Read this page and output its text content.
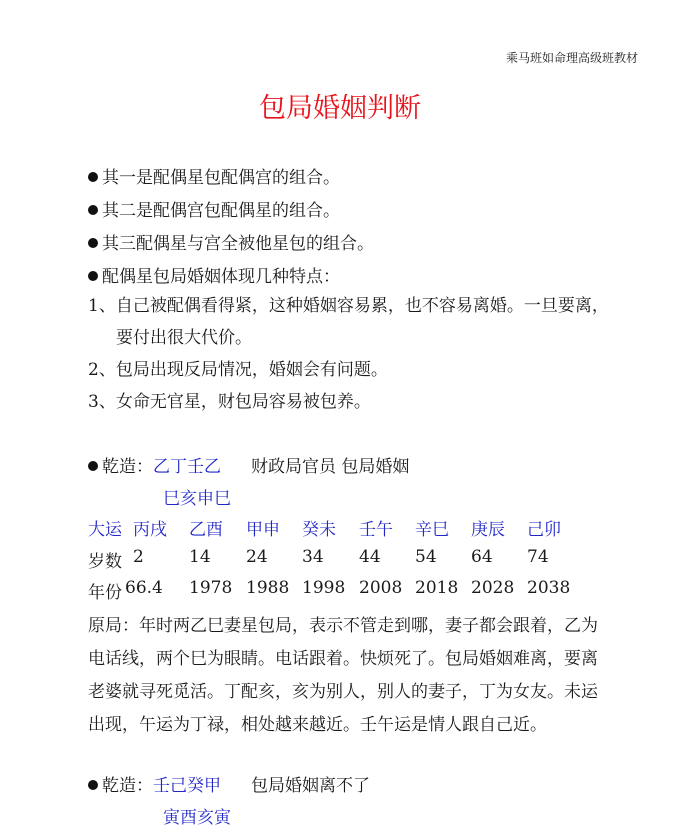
乘马班如命理高级班教材
包局婚姻判断
其一是配偶星包配偶宫的组合。
其二是配偶宫包配偶星的组合。
其三配偶星与宫全被他星包的组合。
配偶星包局婚姻体现几种特点：
1、自己被配偶看得紧，这种婚姻容易累，也不容易离婚。一旦要离，
要付出很大代价。
2、包局出现反局情况，婚姻会有问题。
3、女命无官星，财包局容易被包养。
乾造：乙丁壬乙 财政局官员 包局婚姻
巳亥申巳
大运 丙戌 乙酉 甲申 癸未 壬午 辛巳 庚辰 己卯
岁数 2	14 24 34 44 54 64 74
年份 66.4 1978 1988 1998 2008 2018 2028 2038
原局：年时两乙巳妻星包局，表示不管走到哪，妻子都会跟着，乙为
电话线，两个巳为眼睛。电话跟着。快烦死了。包局婚姻难离，要离
老婆就寻死觅活。丁配亥，亥为别人，别人的妻子，丁为女友。未运
出现，午运为丁禄，相处越来越近。壬午运是情人跟自己近。
乾造：壬己癸甲 包局婚姻离不了
寅酉亥寅
